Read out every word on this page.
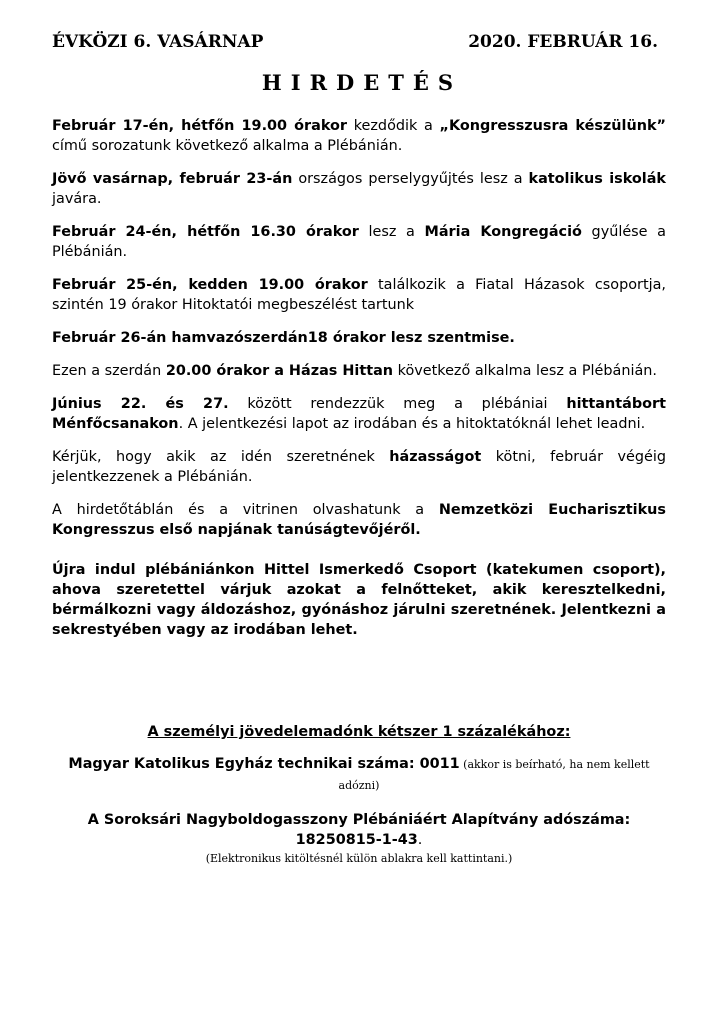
ÉVKÖZI 6. VASÁRNAP	2020. FEBRUÁR 16.
HIRDETÉS

Február 17-én, hétfőn 19.00 órakor kezdődik a „Kongresszusra készülünk” című sorozatunk következő alkalma a Plébánián.

Jövő vasárnap, február 23-án országos perselygyűjtés lesz a katolikus iskolák javára.

Február 24-én, hétfőn 16.30 órakor lesz a Mária Kongregáció gyűlése a Plébánián.

Február 25-én, kedden 19.00 órakor találkozik a Fiatal Házasok csoportja, szintén 19 órakor Hitoktatói megbeszélést tartunk

Február 26-án hamvazószerdán18 órakor lesz szentmise.

Ezen a szerdán 20.00 órakor a Házas Hittan következő alkalma lesz a Plébánián.

Június 22. és 27. között rendezzük meg a plébániai hittantábort Ménfőcsanakon. A jelentkezési lapot az irodában és a hitoktatóknál lehet leadni.

Kérjük, hogy akik az idén szeretnének házasságot kötni, február végéig jelentkezzenek a Plébánián.

A hirdetőtáblán és a vitrinen olvashatunk a Nemzetközi Eucharisztikus Kongresszus első napjának tanúságtevőjéről.

Újra indul plébániánkon Hittel Ismerkedő Csoport (katekumen csoport), ahova szeretettel várjuk azokat a felnőtteket, akik keresztelkedni, bérmálkozni vagy áldozáshoz, gyónáshoz járulni szeretnének. Jelentkezni a sekrestyében vagy az irodában lehet.

A személyi jövedelemadónk kétszer 1 százalékához:

Magyar Katolikus Egyház technikai száma: 0011 (akkor is beírható, ha nem kellett adózni)

A Soroksári Nagyboldogasszony Plébániáért Alapítvány adószáma: 18250815-1-43.

(Elektronikus kitöltésnél külön ablakra kell kattintani.)
